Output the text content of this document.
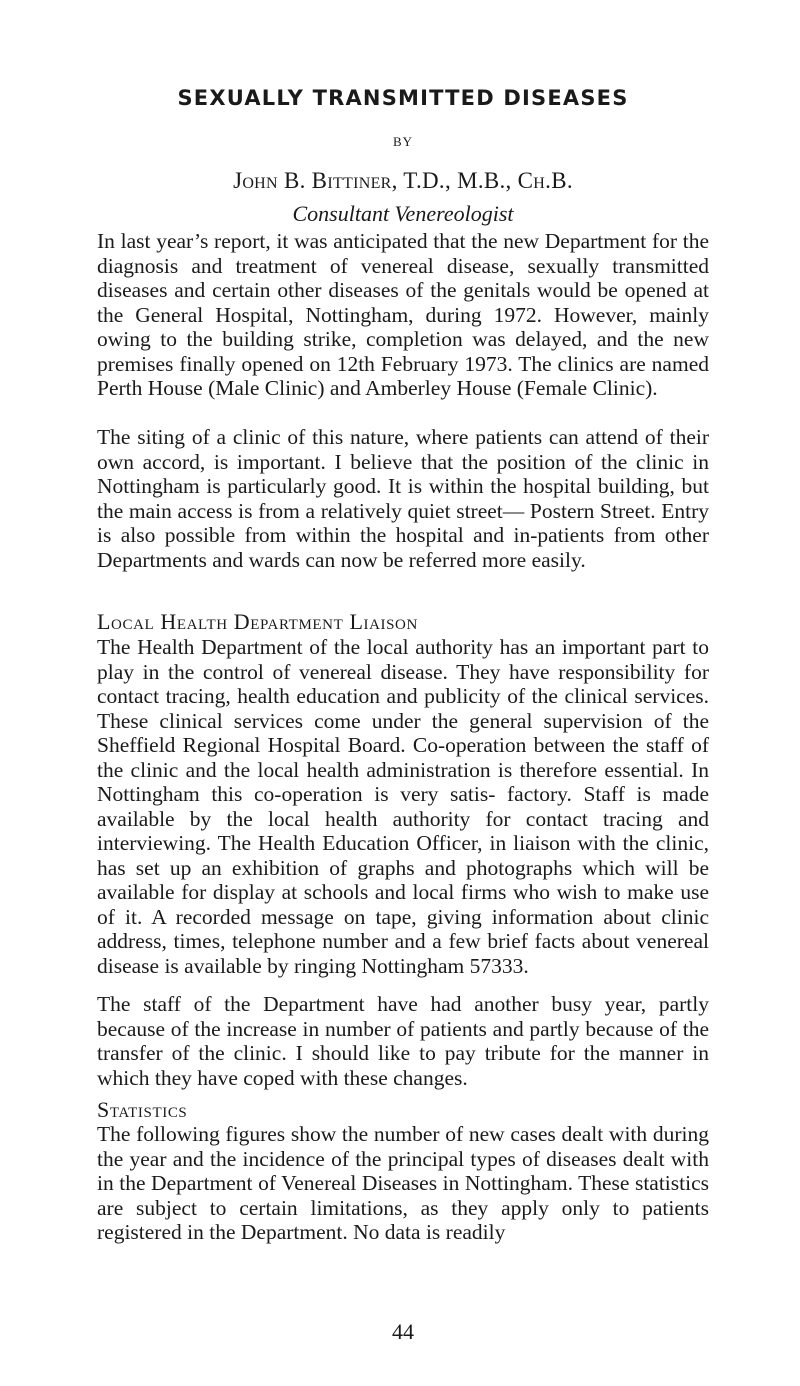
SEXUALLY TRANSMITTED DISEASES
BY
John B. Bittiner, T.D., M.B., Ch.B.
Consultant Venereologist

In last year’s report, it was anticipated that the new Department for the diagnosis and treatment of venereal disease, sexually transmitted diseases and certain other diseases of the genitals would be opened at the General Hospital, Nottingham, during 1972. However, mainly owing to the building strike, completion was delayed, and the new premises finally opened on 12th February 1973. The clinics are named Perth House (Male Clinic) and Amberley House (Female Clinic).

The siting of a clinic of this nature, where patients can attend of their own accord, is important. I believe that the position of the clinic in Nottingham is particularly good. It is within the hospital building, but the main access is from a relatively quiet street— Postern Street. Entry is also possible from within the hospital and in-patients from other Departments and wards can now be referred more easily.

Local Health Department Liaison

The Health Department of the local authority has an important part to play in the control of venereal disease. They have responsibility for contact tracing, health education and publicity of the clinical services. These clinical services come under the general supervision of the Sheffield Regional Hospital Board. Co-operation between the staff of the clinic and the local health administration is therefore essential. In Nottingham this co-operation is very satis- factory. Staff is made available by the local health authority for contact tracing and interviewing. The Health Education Officer, in liaison with the clinic, has set up an exhibition of graphs and photographs which will be available for display at schools and local firms who wish to make use of it. A recorded message on tape, giving information about clinic address, times, telephone number and a few brief facts about venereal disease is available by ringing Nottingham 57333.

The staff of the Department have had another busy year, partly because of the increase in number of patients and partly because of the transfer of the clinic. I should like to pay tribute for the manner in which they have coped with these changes.

Statistics

The following figures show the number of new cases dealt with during the year and the incidence of the principal types of diseases dealt with in the Department of Venereal Diseases in Nottingham. These statistics are subject to certain limitations, as they apply only to patients registered in the Department. No data is readily

44
